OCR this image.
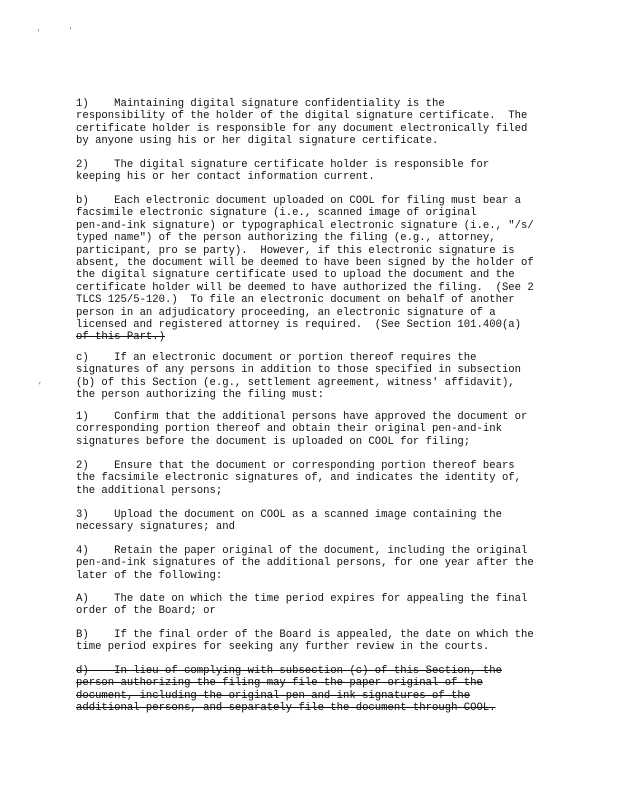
'	'
,
1)    Maintaining digital signature confidentiality is the
responsibility of the holder of the digital signature certificate.  The
certificate holder is responsible for any document electronically filed
by anyone using his or her digital signature certificate.
2)    The digital signature certificate holder is responsible for
keeping his or her contact information current.
b)    Each electronic document uploaded on COOL for filing must bear a
facsimile electronic signature (i.e., scanned image of original
pen-and-ink signature) or typographical electronic signature (i.e., "/s/
typed name") of the person authorizing the filing (e.g., attorney,
participant, pro se party).  However, if this electronic signature is
absent, the document will be deemed to have been signed by the holder of
the digital signature certificate used to upload the document and the
certificate holder will be deemed to have authorized the filing.  (See 2
TLCS 125/5-120.)  To file an electronic document on behalf of another
person in an adjudicatory proceeding, an electronic signature of a
licensed and registered attorney is required.  (See Section 101.400(a)
of this Part.)
c)    If an electronic document or portion thereof requires the
signatures of any persons in addition to those specified in subsection
(b) of this Section (e.g., settlement agreement, witness' affidavit),
the person authorizing the filing must:
1)    Confirm that the additional persons have approved the document or
corresponding portion thereof and obtain their original pen-and-ink
signatures before the document is uploaded on COOL for filing;
2)    Ensure that the document or corresponding portion thereof bears
the facsimile electronic signatures of, and indicates the identity of,
the additional persons;
3)    Upload the document on COOL as a scanned image containing the
necessary signatures; and
4)    Retain the paper original of the document, including the original
pen-and-ink signatures of the additional persons, for one year after the
later of the following:
A)    The date on which the time period expires for appealing the final
order of the Board; or
B)    If the final order of the Board is appealed, the date on which the
time period expires for seeking any further review in the courts.
d)    In lieu of complying with subsection (c) of this Section, the
person authorizing the filing may file the paper original of the
document, including the original pen and ink signatures of the
additional persons, and separately file the document through COOL.
